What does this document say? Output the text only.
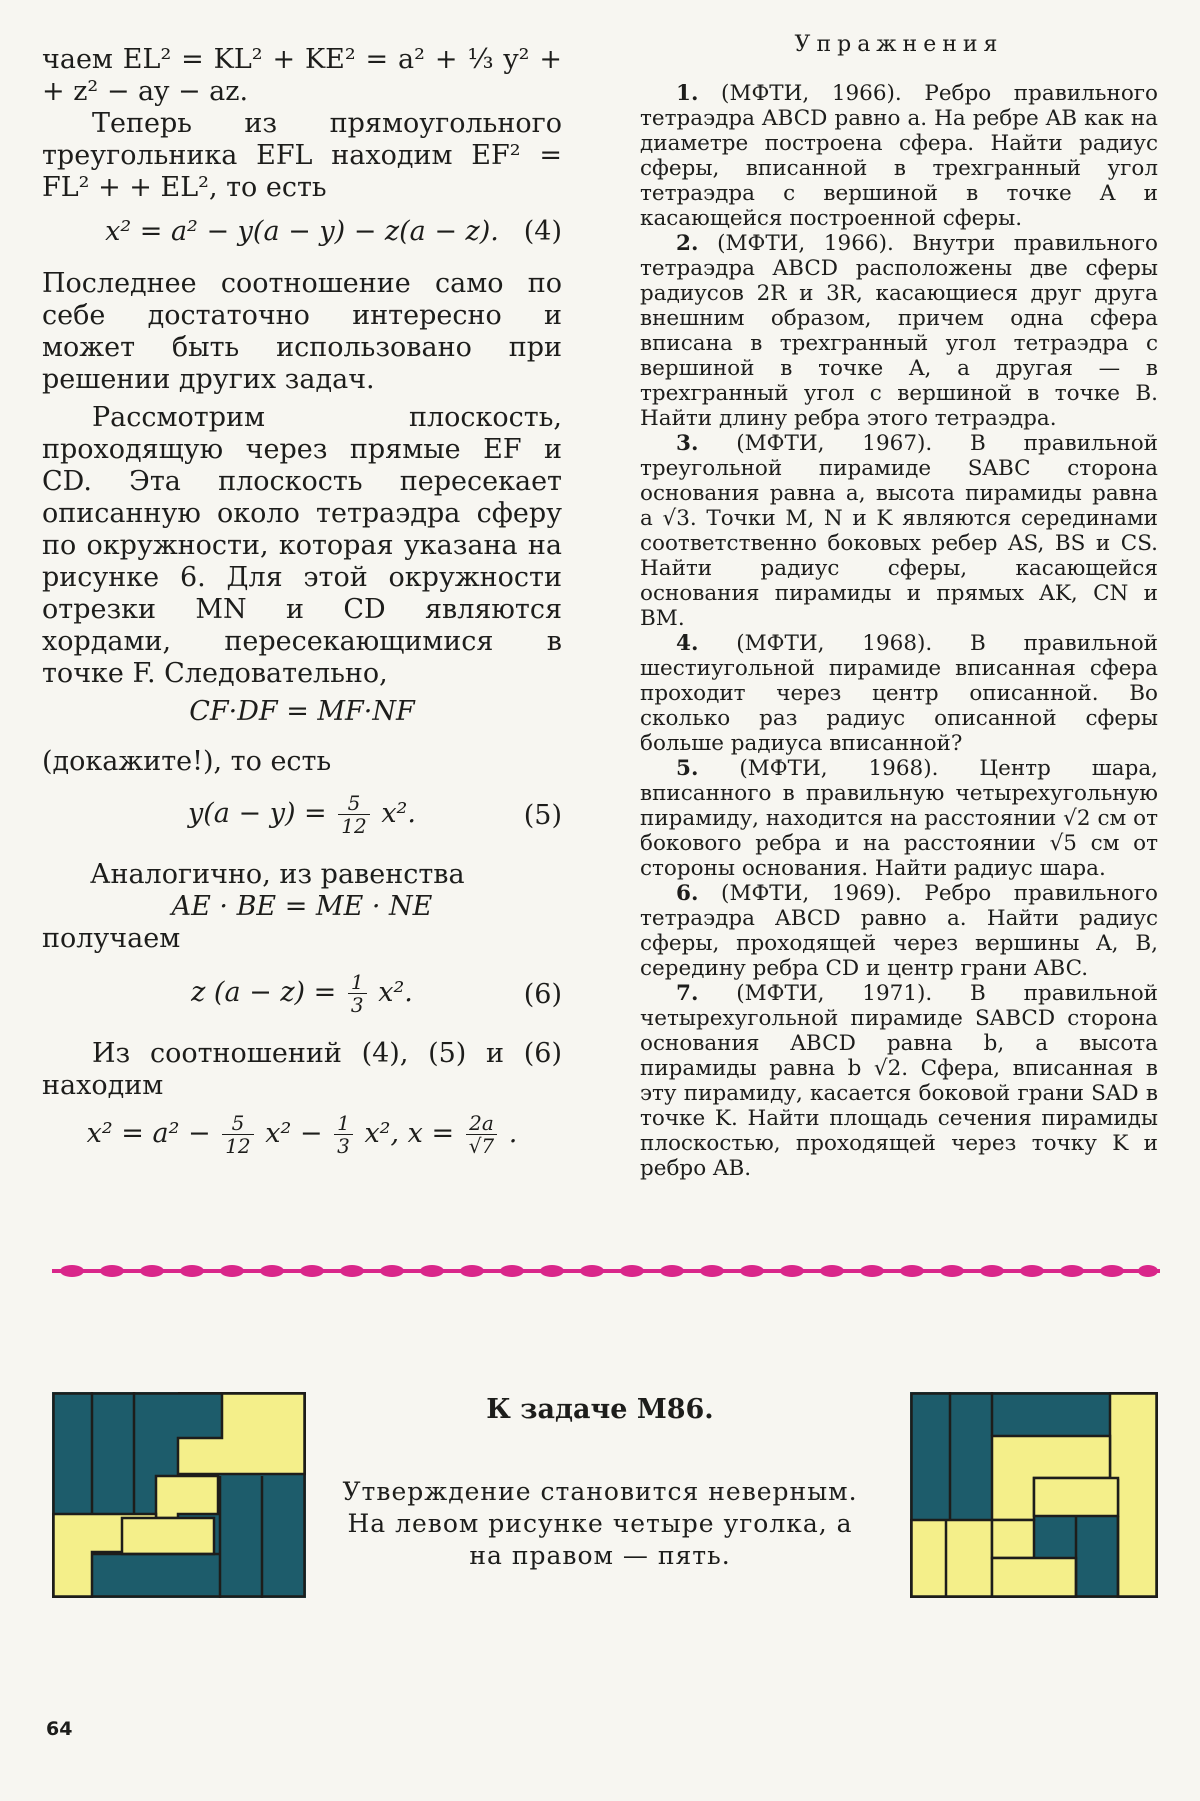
чаем EL² = KL² + KE² = a² + ⅓ y² + + z² − ay − az.

Теперь из прямоугольного треугольника EFL находим EF² = FL² + + EL², то есть

x² = a² − y(a − y) − z(a − z). (4)

Последнее соотношение само по себе достаточно интересно и может быть использовано при решении других задач.

Рассмотрим плоскость, проходящую через прямые EF и CD. Эта плоскость пересекает описанную около тетраэдра сферу по окружности, которая указана на рисунке 6. Для этой окружности отрезки MN и CD являются хордами, пересекающимися в точке F. Следовательно,

CF·DF = MF·NF

(докажите!), то есть

$y(a - y) = \frac{5}{12} x^2$.	(5)

Аналогично, из равенства

AE · BE = ME · NE

получаем

z $(a - z) = \frac{1}{3} x^2$.	(6)

Из соотношений (4), (5) и (6) находим

$x^2 = a^2 - \frac{5}{12} x^2 - \frac{1}{3} x^2$, $x = \frac{2a}{√7}$ .
Упражнения

1. (МФТИ, 1966). Ребро правильного тетраэдра ABCD равно a. На ребре AB как на диаметре построена сфера. Найти радиус сферы, вписанной в трехгранный угол тетраэдра с вершиной в точке A и касающейся построенной сферы.

2. (МФТИ, 1966). Внутри правильного тетраэдра ABCD расположены две сферы радиусов 2R и 3R, касающиеся друг друга внешним образом, причем одна сфера вписана в трехгранный угол тетраэдра с вершиной в точке A, а другая — в трехгранный угол с вершиной в точке B. Найти длину ребра этого тетраэдра.

3. (МФТИ, 1967). В правильной треугольной пирамиде SABC сторона основания равна a, высота пирамиды равна a √3. Точки M, N и K являются серединами соответственно боковых ребер AS, BS и CS. Найти радиус сферы, касающейся основания пирамиды и прямых AK, CN и BM.

4. (МФТИ, 1968). В правильной шестиугольной пирамиде вписанная сфера проходит через центр описанной. Во сколько раз радиус описанной сферы больше радиуса вписанной?

5. (МФТИ, 1968). Центр шара, вписанного в правильную четырехугольную пирамиду, находится на расстоянии √2 см от бокового ребра и на расстоянии √5 см от стороны основания. Найти радиус шара.

6. (МФТИ, 1969). Ребро правильного тетраэдра ABCD равно a. Найти радиус сферы, проходящей через вершины A, B, середину ребра CD и центр грани ABC.

7. (МФТИ, 1971). В правильной четырехугольной пирамиде SABCD сторона основания ABCD равна b, а высота пирамиды равна b √2. Сфера, вписанная в эту пирамиду, касается боковой грани SAD в точке K. Найти площадь сечения пирамиды плоскостью, проходящей через точку K и ребро AB.

К задаче М86.
Утверждение становится неверным. На левом рисунке четыре уголка, а на правом — пять.
64
